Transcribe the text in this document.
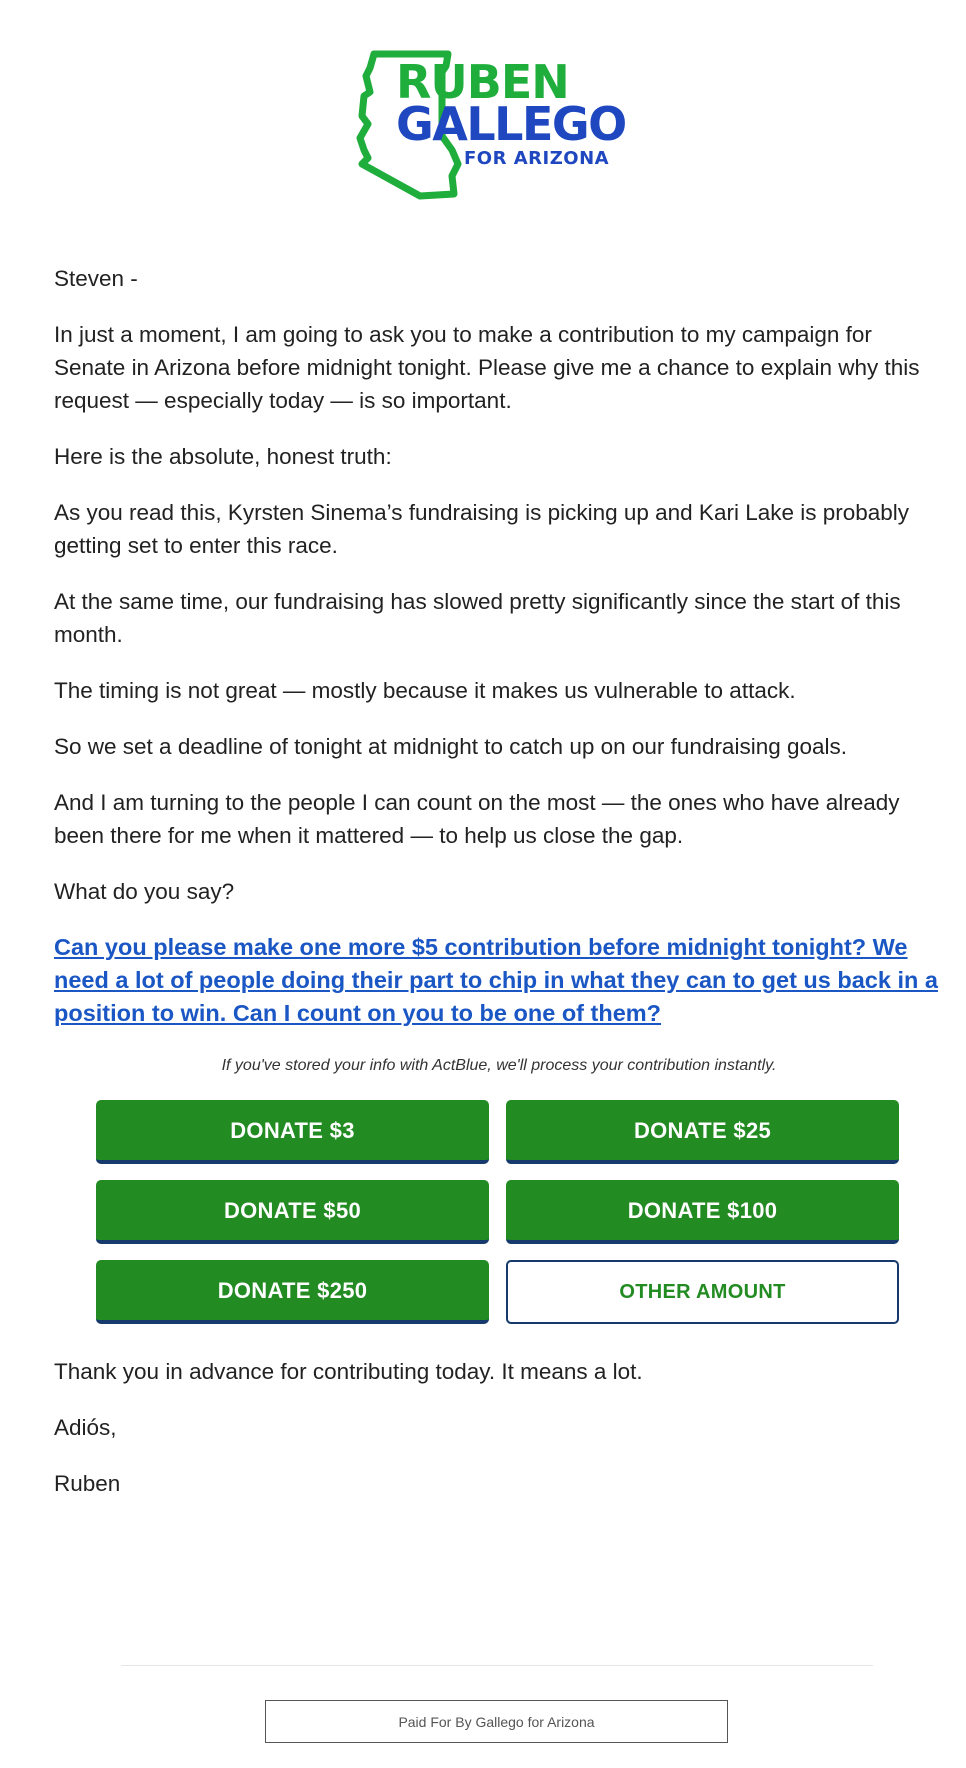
RUBEN
GALLEGO
FOR ARIZONA

Steven -

In just a moment, I am going to ask you to make a contribution to my campaign for Senate in Arizona before midnight tonight. Please give me a chance to explain why this request — especially today — is so important.

Here is the absolute, honest truth:

As you read this, Kyrsten Sinema’s fundraising is picking up and Kari Lake is probably getting set to enter this race.

At the same time, our fundraising has slowed pretty significantly since the start of this month.

The timing is not great — mostly because it makes us vulnerable to attack.

So we set a deadline of tonight at midnight to catch up on our fundraising goals.

And I am turning to the people I can count on the most — the ones who have already been there for me when it mattered — to help us close the gap.

What do you say?

Can you please make one more $5 contribution before midnight tonight? We need a lot of people doing their part to chip in what they can to get us back in a position to win. Can I count on you to be one of them?
If you've stored your info with ActBlue, we'll process your contribution instantly.
DONATE $3	DONATE $25
DONATE $50	DONATE $100
DONATE $250	OTHER AMOUNT

Thank you in advance for contributing today. It means a lot.

Adiós,

Ruben

Paid For By Gallego for Arizona
